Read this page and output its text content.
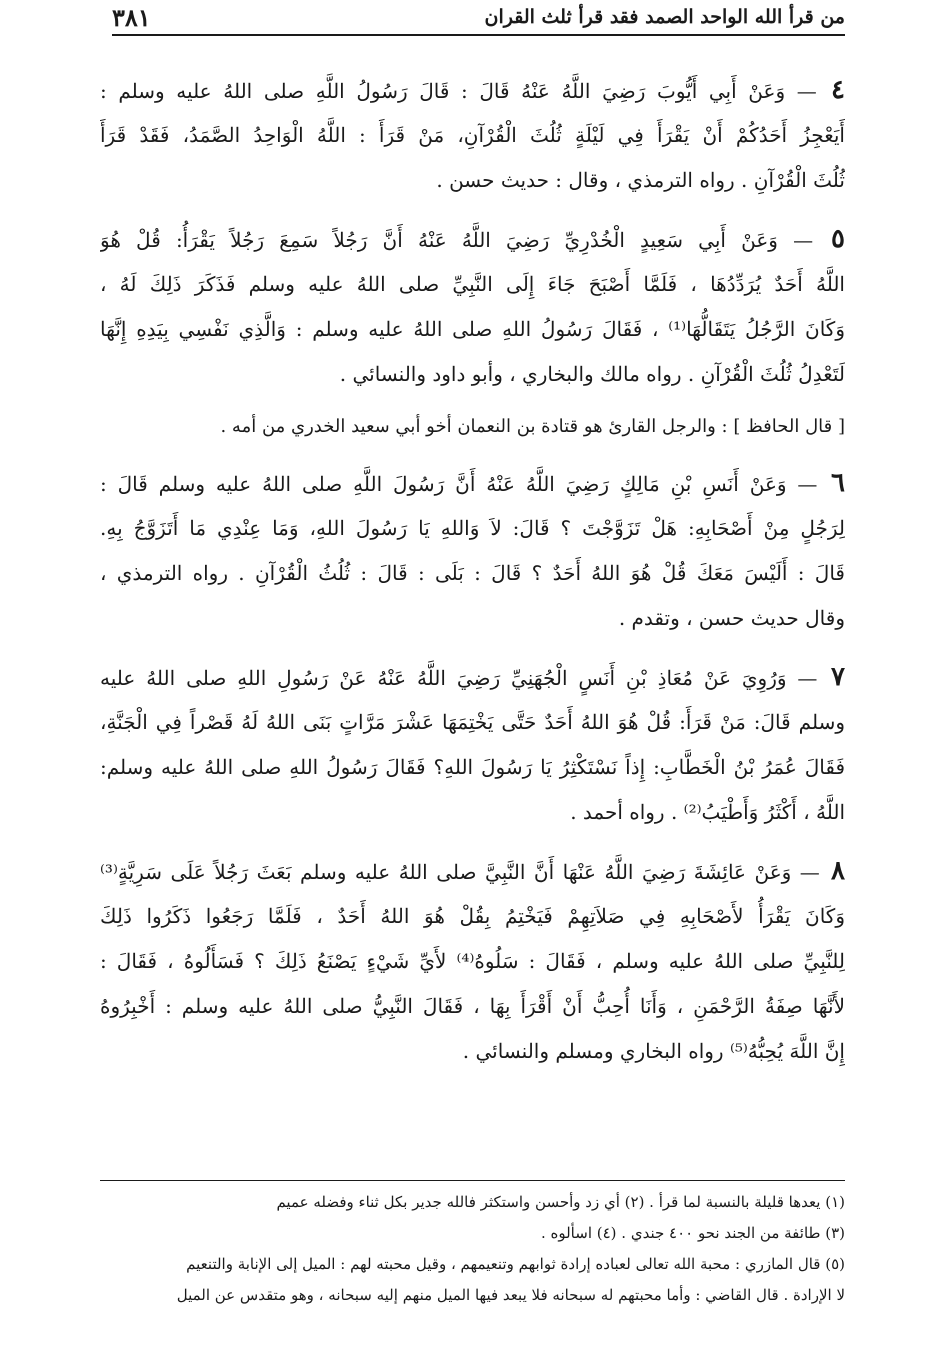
من قرأ الله الواحد الصمد فقد قرأ ثلث القران
٣٨١
٤ — وَعَنْ أَبِي أَيُّوبَ رَضِيَ اللَّهُ عَنْهُ قَالَ : قَالَ رَسُولُ اللَّهِ صلى اللهُ عليه وسلم :
أَيَعْجِزُ أَحَدُكُمْ أَنْ يَقْرَأَ فِي لَيْلَةٍ ثُلُثَ الْقُرْآنِ، مَنْ قَرَأَ : اللَّهُ الْوَاحِدُ الصَّمَدُ، فَقَدْ قَرَأَ
ثُلُثَ الْقُرْآنِ . رواه الترمذي ، وقال : حديث حسن .
٥ — وَعَنْ أَبِي سَعِيدٍ الْخُدْرِيِّ رَضِيَ اللَّهُ عَنْهُ أَنَّ رَجُلاً سَمِعَ رَجُلاً يَقْرَأُ: قُلْ هُوَ
اللَّهُ أَحَدٌ يُرَدِّدُهَا ، فَلَمَّا أَصْبَحَ جَاءَ إِلَى النَّبِيِّ صلى اللهُ عليه وسلم فَذَكَرَ ذَلِكَ لَهُ ،
وَكَانَ الرَّجُلُ يَتَقَالُّهَا⁽¹⁾ ، فَقَالَ رَسُولُ اللهِ صلى اللهُ عليه وسلم : وَالَّذِي نَفْسِي بِيَدِهِ إِنَّهَا
لَتَعْدِلُ ثُلُثَ الْقُرْآنِ . رواه مالك والبخاري ، وأبو داود والنسائي .
[ قال الحافظ ] : والرجل القارئ هو قتادة بن النعمان أخو أبي سعيد الخدري من أمه .
٦ — وَعَنْ أَنَسِ بْنِ مَالِكٍ رَضِيَ اللَّهُ عَنْهُ أَنَّ رَسُولَ اللَّهِ صلى اللهُ عليه وسلم قَالَ :
لِرَجُلٍ مِنْ أَصْحَابِهِ: هَلْ تَزَوَّجْتَ ؟ قَالَ: لاَ وَاللهِ يَا رَسُولَ اللهِ، وَمَا عِنْدِي مَا أَتَزَوَّجُ بِهِ.
قَالَ : أَلَيْسَ مَعَكَ قُلْ هُوَ اللهُ أَحَدٌ ؟ قَالَ : بَلَى : قَالَ : ثُلُثُ الْقُرْآنِ . رواه الترمذي ،
وقال حديث حسن ، وتقدم .
٧ — وَرُوِيَ عَنْ مُعَاذِ بْنِ أَنَسٍ الْجُهَنِيِّ رَضِيَ اللَّهُ عَنْهُ عَنْ رَسُولِ اللهِ صلى اللهُ عليه
وسلم قَالَ: مَنْ قَرَأَ: قُلْ هُوَ اللهُ أَحَدٌ حَتَّى يَخْتِمَهَا عَشْرَ مَرَّاتٍ بَنَى اللهُ لَهُ قَصْراً فِي الْجَنَّةِ،
فَقَالَ عُمَرُ بْنُ الْخَطَّابِ: إِذاً نَسْتَكْثِرُ يَا رَسُولَ اللهِ؟ فَقَالَ رَسُولُ اللهِ صلى اللهُ عليه وسلم:
اللَّهُ ، أَكْثَرُ وَأَطْيَبُ⁽²⁾ . رواه أحمد .
٨ — وَعَنْ عَائِشَةَ رَضِيَ اللَّهُ عَنْهَا أَنَّ النَّبِيَّ صلى اللهُ عليه وسلم بَعَثَ رَجُلاً عَلَى سَرِيَّةٍ⁽³⁾
وَكَانَ يَقْرَأُ لأَصْحَابِهِ فِي صَلاَتِهِمْ فَيَخْتِمُ بِقُلْ هُوَ اللهُ أَحَدٌ ، فَلَمَّا رَجَعُوا ذَكَرُوا ذَلِكَ
لِلنَّبِيِّ صلى اللهُ عليه وسلم ، فَقَالَ : سَلُوهُ⁽⁴⁾ لأَيِّ شَيْءٍ يَصْنَعُ ذَلِكَ ؟ فَسَأَلُوهُ ، فَقَالَ :
لأَنَّهَا صِفَةُ الرَّحْمَنِ ، وَأَنَا أُحِبُّ أَنْ أَقْرَأَ بِهَا ، فَقَالَ النَّبِيُّ صلى اللهُ عليه وسلم : أَخْبِرُوهُ
إِنَّ اللَّهَ يُحِبُّهُ⁽⁵⁾ رواه البخاري ومسلم والنسائي .
(١) يعدها قليلة بالنسبة لما قرأ . (٢) أي زد وأحسن واستكثر فالله جدير بكل ثناء وفضله عميم
(٣) طائفة من الجند نحو ٤٠٠ جندي . (٤) اسألوه .
(٥) قال المازري : محبة الله تعالى لعباده إرادة ثوابهم وتنعيمهم ، وقيل محبته لهم : الميل إلى الإنابة والتنعيم
لا الإرادة . قال القاضي : وأما محبتهم له سبحانه فلا يبعد فيها الميل منهم إليه سبحانه ، وهو متقدس عن الميل
